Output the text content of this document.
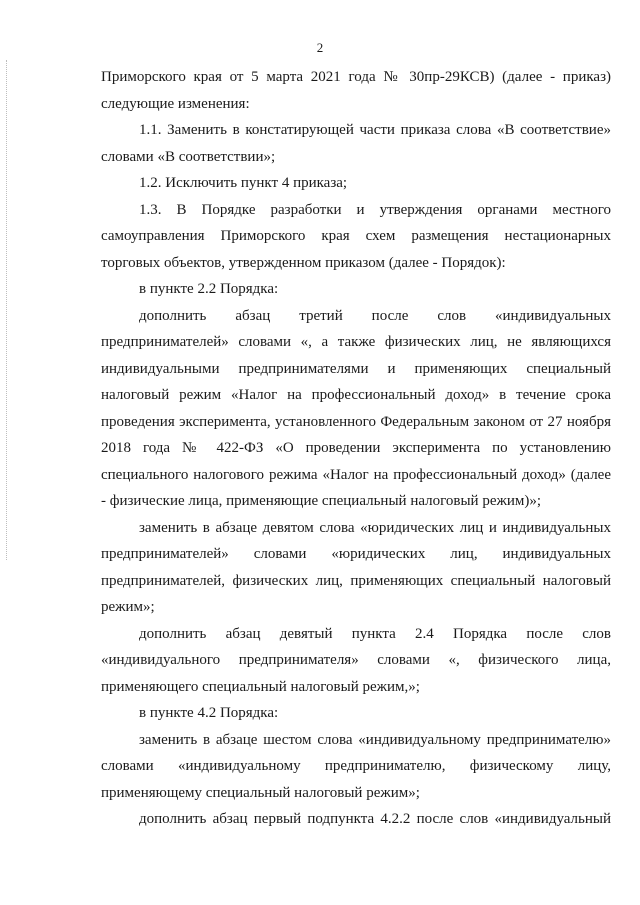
2

Приморского края от 5 марта 2021 года № 30пр-29КСВ) (далее - приказ) следующие изменения:

1.1. Заменить в констатирующей части приказа слова «В соответствие» словами «В соответствии»;

1.2. Исключить пункт 4 приказа;

1.3. В Порядке разработки и утверждения органами местного самоуправления Приморского края схем размещения нестационарных торговых объектов, утвержденном приказом (далее - Порядок):

в пункте 2.2 Порядка:

дополнить абзац третий после слов «индивидуальных предпринимателей» словами «, а также физических лиц, не являющихся индивидуальными предпринимателями и применяющих специальный налоговый режим «Налог на профессиональный доход» в течение срока проведения эксперимента, установленного Федеральным законом от 27 ноября 2018 года № 422-ФЗ «О проведении эксперимента по установлению специального налогового режима «Налог на профессиональный доход» (далее - физические лица, применяющие специальный налоговый режим)»;

заменить в абзаце девятом слова «юридических лиц и индивидуальных предпринимателей» словами «юридических лиц, индивидуальных предпринимателей, физических лиц, применяющих специальный налоговый режим»;

дополнить абзац девятый пункта 2.4 Порядка после слов «индивидуального предпринимателя» словами «, физического лица, применяющего специальный налоговый режим,»;

в пункте 4.2 Порядка:

заменить в абзаце шестом слова «индивидуальному предпринимателю» словами «индивидуальному предпринимателю, физическому лицу, применяющему специальный налоговый режим»;

дополнить абзац первый подпункта 4.2.2 после слов «индивидуальный
